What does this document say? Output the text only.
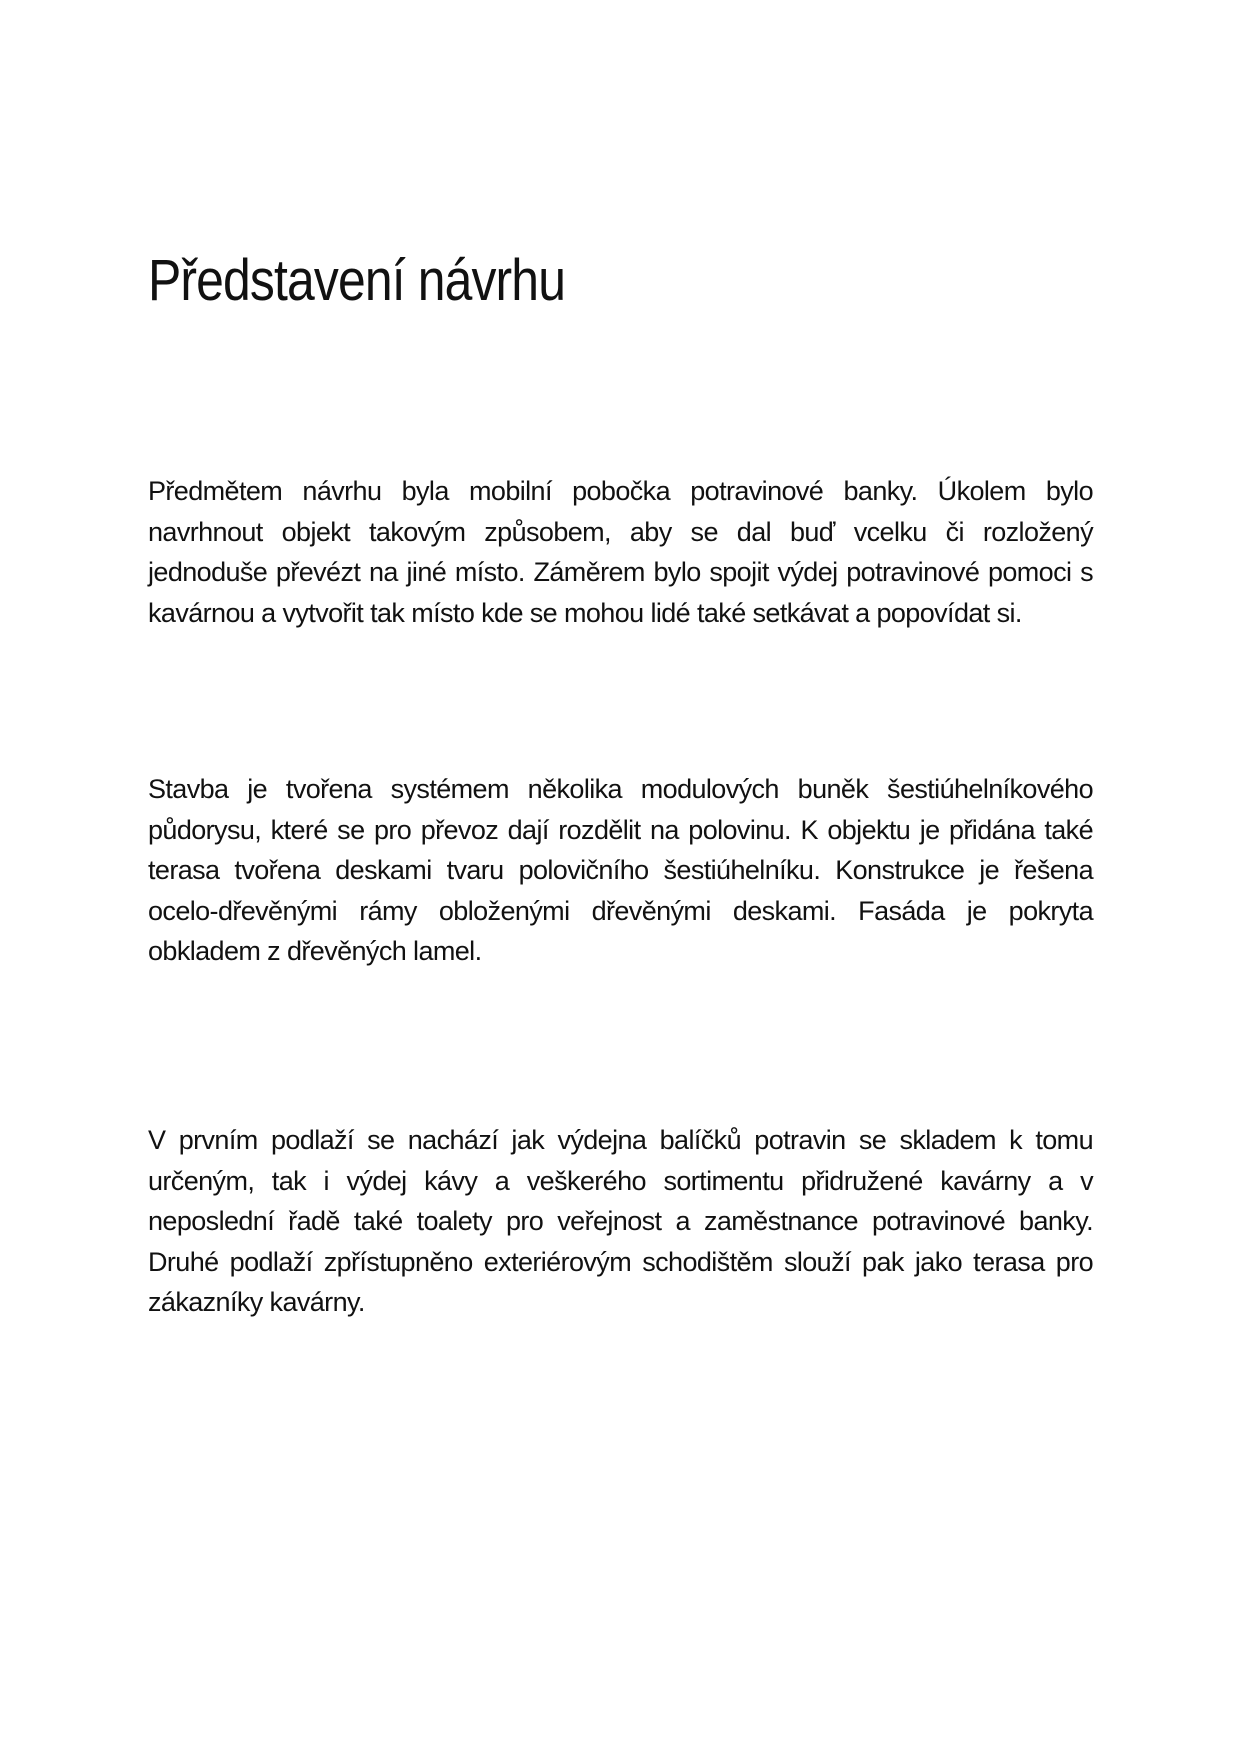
Představení návrhu

Předmětem návrhu byla mobilní pobočka potravinové banky. Úkolem bylo navrhnout objekt takovým způsobem, aby se dal buď vcelku či rozložený jednoduše převézt na jiné místo. Záměrem bylo spojit výdej potravinové pomoci s kavárnou a vytvořit tak místo kde se mohou lidé také setkávat a popovídat si.

Stavba je tvořena systémem několika modulových buněk šestiúhelníkového půdorysu, které se pro převoz dají rozdělit na polovinu. K objektu je přidána také terasa tvořena deskami tvaru polovičního šestiúhelníku. Konstrukce je řešena ocelo-dřevěnými rámy obloženými dřevěnými deskami. Fasáda je pokryta obkladem z dřevěných lamel.

V prvním podlaží se nachází jak výdejna balíčků potravin se skladem k tomu určeným, tak i výdej kávy a veškerého sortimentu přidružené kavárny a v neposlední řadě také toalety pro veřejnost a zaměstnance potravinové banky. Druhé podlaží zpřístupněno exteriérovým schodištěm slouží pak jako terasa pro zákazníky kavárny.
